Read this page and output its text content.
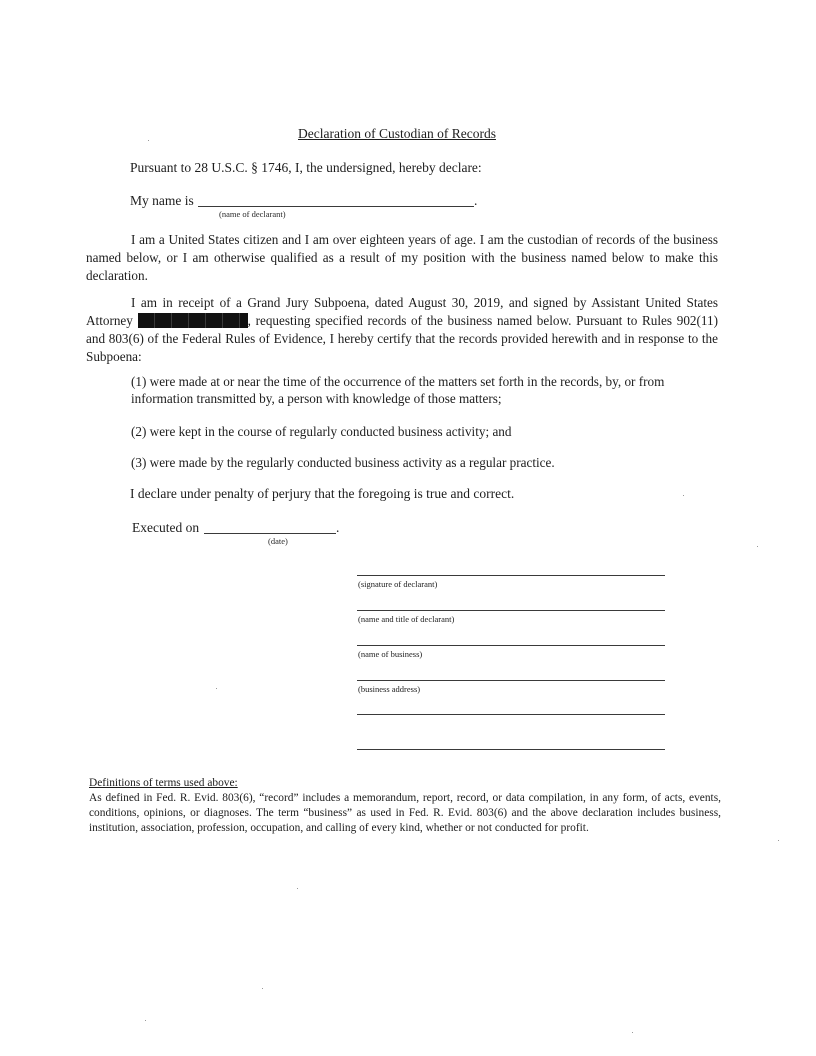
Declaration of Custodian of Records
Pursuant to 28 U.S.C. § 1746, I, the undersigned, hereby declare:
My name is	.
(name of declarant)
I am a United States citizen and I am over eighteen years of age. I am the custodian of records of the business named below, or I am otherwise qualified as a result of my position with the business named below to make this declaration.
I am in receipt of a Grand Jury Subpoena, dated August 30, 2019, and signed by Assistant United States Attorney	, requesting specified records of the business named below. Pursuant to Rules 902(11) and 803(6) of the Federal Rules of Evidence, I hereby certify that the records provided herewith and in response to the Subpoena:
(1) were made at or near the time of the occurrence of the matters set forth in the records, by, or from information transmitted by, a person with knowledge of those matters;
(2) were kept in the course of regularly conducted business activity; and
(3) were made by the regularly conducted business activity as a regular practice.
I declare under penalty of perjury that the foregoing is true and correct.
Executed on	.
(date)
(signature of declarant)
(name and title of declarant)
(name of business)
(business address)
Definitions of terms used above:
As defined in Fed. R. Evid. 803(6), “record” includes a memorandum, report, record, or data compilation, in any form, of acts, events, conditions, opinions, or diagnoses. The term “business” as used in Fed. R. Evid. 803(6) and the above declaration includes business, institution, association, profession, occupation, and calling of every kind, whether or not conducted for profit.
